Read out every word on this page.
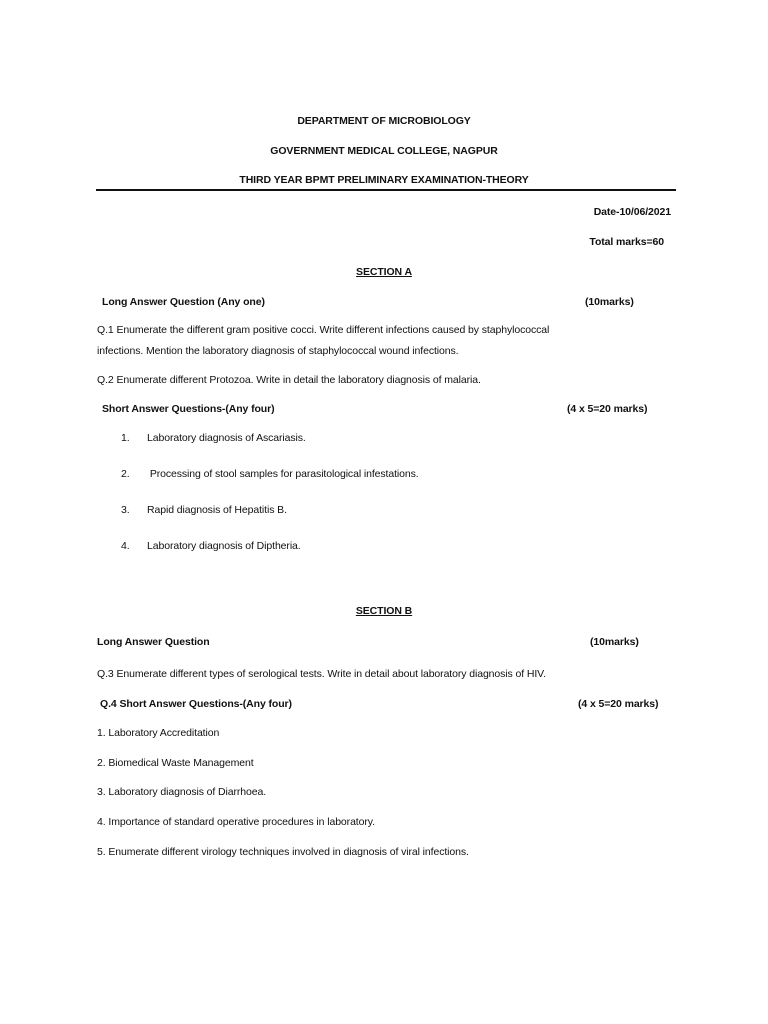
DEPARTMENT OF MICROBIOLOGY
GOVERNMENT MEDICAL COLLEGE, NAGPUR
THIRD YEAR BPMT PRELIMINARY EXAMINATION-THEORY
Date-10/06/2021
Total marks=60
SECTION A
Long Answer Question (Any one)	(10marks)
Q.1 Enumerate the different gram positive cocci. Write different infections caused by staphylococcal
infections. Mention the laboratory diagnosis of staphylococcal wound infections.
Q.2 Enumerate different Protozoa. Write in detail the laboratory diagnosis of malaria.
Short Answer Questions-(Any four)	(4 x 5=20 marks)
1. Laboratory diagnosis of Ascariasis.
2. Processing of stool samples for parasitological infestations.
3. Rapid diagnosis of Hepatitis B.
4. Laboratory diagnosis of Diptheria.
SECTION B
Long Answer Question	(10marks)
Q.3 Enumerate different types of serological tests. Write in detail about laboratory diagnosis of HIV.
Q.4 Short Answer Questions-(Any four)	(4 x 5=20 marks)
1. Laboratory Accreditation
2. Biomedical Waste Management
3. Laboratory diagnosis of Diarrhoea.
4. Importance of standard operative procedures in laboratory.
5. Enumerate different virology techniques involved in diagnosis of viral infections.
